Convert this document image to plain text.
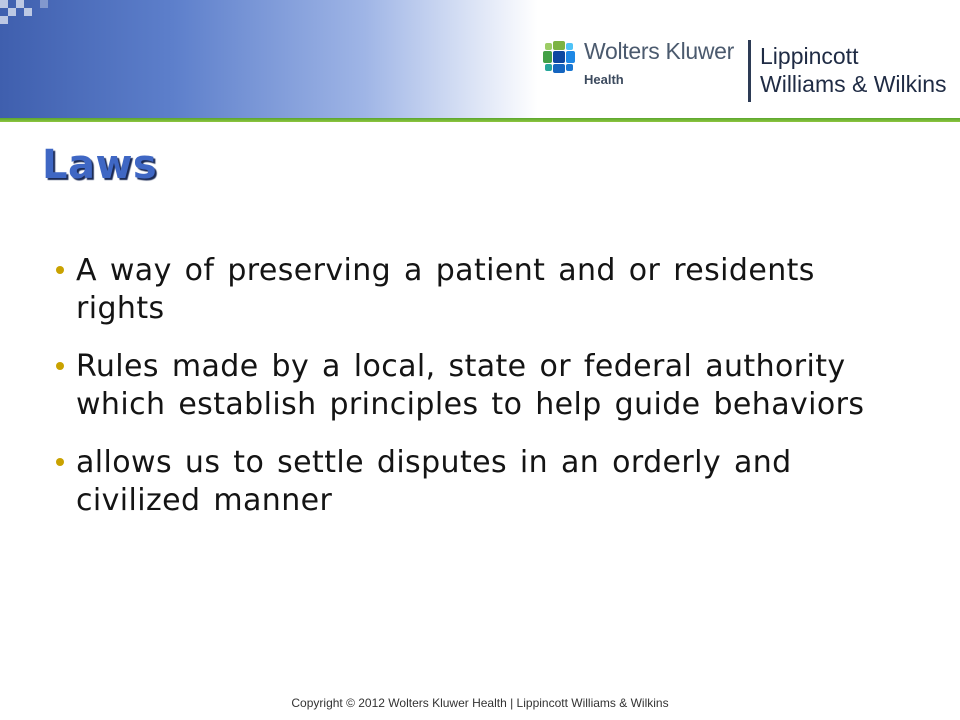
Wolters Kluwer
Health
Lippincott
Williams & Wilkins
Laws
A way of preserving a patient and or residents rights
Rules made by a local, state or federal authority which establish principles to help guide behaviors
allows us to settle disputes in an orderly and civilized manner
Copyright © 2012 Wolters Kluwer Health | Lippincott Williams & Wilkins
